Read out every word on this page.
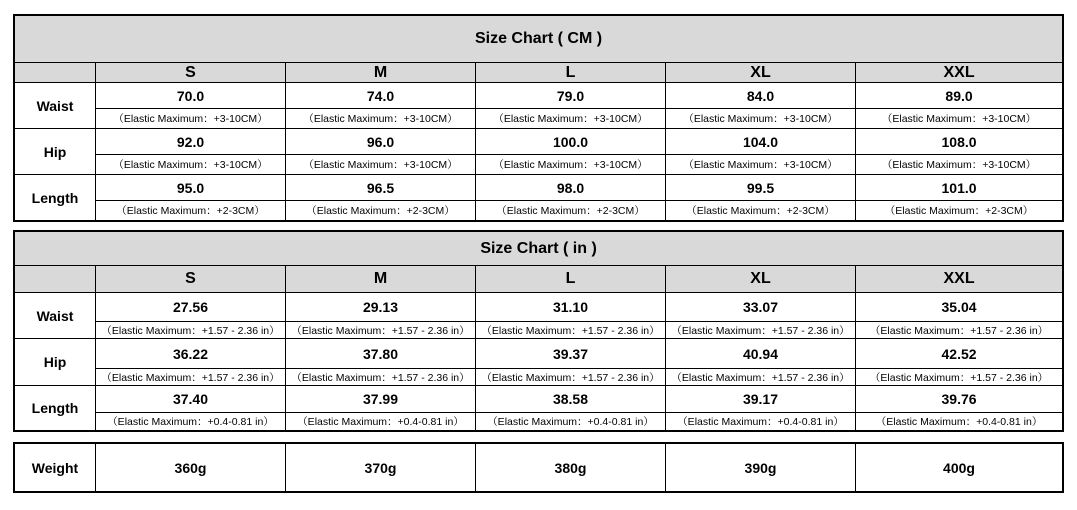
Size Chart ( CM )					
	S	M	L	XL	XXL
Waist	70.0	74.0	79.0	84.0	89.0
	（Elastic Maximum：+3-10CM）	（Elastic Maximum：+3-10CM）	（Elastic Maximum：+3-10CM）	（Elastic Maximum：+3-10CM）	（Elastic Maximum：+3-10CM）
Hip	92.0	96.0	100.0	104.0	108.0
	（Elastic Maximum：+3-10CM）	（Elastic Maximum：+3-10CM）	（Elastic Maximum：+3-10CM）	（Elastic Maximum：+3-10CM）	（Elastic Maximum：+3-10CM）
Length	95.0	96.5	98.0	99.5	101.0
	（Elastic Maximum：+2-3CM）	（Elastic Maximum：+2-3CM）	（Elastic Maximum：+2-3CM）	（Elastic Maximum：+2-3CM）	（Elastic Maximum：+2-3CM）
Size Chart ( in )					
	S	M	L	XL	XXL
Waist	27.56	29.13	31.10	33.07	35.04
	（Elastic Maximum：+1.57 - 2.36 in）	（Elastic Maximum：+1.57 - 2.36 in）	（Elastic Maximum：+1.57 - 2.36 in）	（Elastic Maximum：+1.57 - 2.36 in）	（Elastic Maximum：+1.57 - 2.36 in）
Hip	36.22	37.80	39.37	40.94	42.52
	（Elastic Maximum：+1.57 - 2.36 in）	（Elastic Maximum：+1.57 - 2.36 in）	（Elastic Maximum：+1.57 - 2.36 in）	（Elastic Maximum：+1.57 - 2.36 in）	（Elastic Maximum：+1.57 - 2.36 in）
Length	37.40	37.99	38.58	39.17	39.76
	（Elastic Maximum：+0.4-0.81 in）	（Elastic Maximum：+0.4-0.81 in）	（Elastic Maximum：+0.4-0.81 in）	（Elastic Maximum：+0.4-0.81 in）	（Elastic Maximum：+0.4-0.81 in）
Weight	360g	370g	380g	390g	400g
